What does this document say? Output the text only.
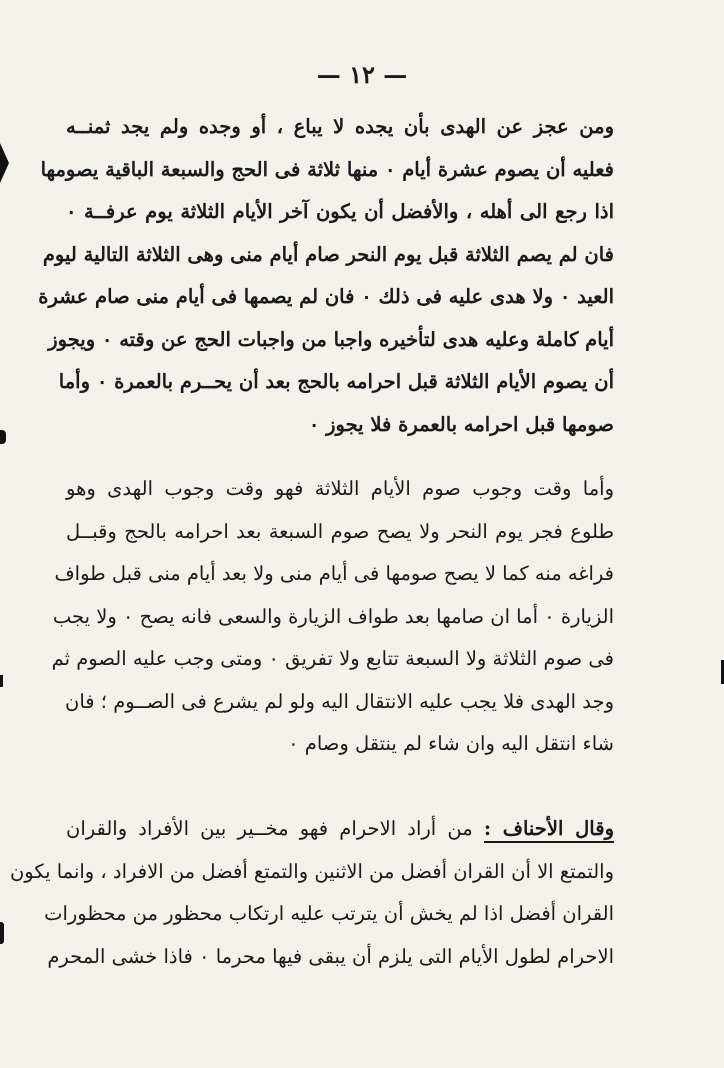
— ١٢ —
ومن عجز عن الهدى بأن يجده لا يباع ، أو وجده ولم يجد ثمنــه
فعليه أن يصوم عشرة أيام ٠ منها ثلاثة فى الحج والسبعة الباقية يصومها
اذا رجع الى أهله ، والأفضل أن يكون آخر الأيام الثلاثة يوم عرفــة ٠
فان لم يصم الثلاثة قبل يوم النحر صام أيام منى وهى الثلاثة التالية ليوم
العيد ٠ ولا هدى عليه فى ذلك ٠ فان لم يصمها فى أيام منى صام عشرة
أيام كاملة وعليه هدى لتأخيره واجبا من واجبات الحج عن وقته ٠ ويجوز
أن يصوم الأيام الثلاثة قبل احرامه بالحج بعد أن يحــرم بالعمرة ٠ وأما
صومها قبل احرامه بالعمرة فلا يجوز ٠
وأما وقت وجوب صوم الأيام الثلاثة فهو وقت وجوب الهدى وهو
طلوع فجر يوم النحر ولا يصح صوم السبعة بعد احرامه بالحج وقبــل
فراغه منه كما لا يصح صومها فى أيام منى ولا بعد أيام منى قبل طواف
الزيارة ٠ أما ان صامها بعد طواف الزيارة والسعى فانه يصح ٠ ولا يجب
فى صوم الثلاثة ولا السبعة تتابع ولا تفريق ٠ ومتى وجب عليه الصوم ثم
وجد الهدى فلا يجب عليه الانتقال اليه ولو لم يشرع فى الصــوم ؛ فان
شاء انتقل اليه وان شاء لم ينتقل وصام ٠
وقال الأحناف : من أراد الاحرام فهو مخــير بين الأفراد والقران
والتمتع الا أن القران أفضل من الاثنين والتمتع أفضل من الافراد ، وانما يكون
القران أفضل اذا لم يخش أن يترتب عليه ارتكاب محظور من محظورات
الاحرام لطول الأيام التى يلزم أن يبقى فيها محرما ٠ فاذا خشى المحرم
